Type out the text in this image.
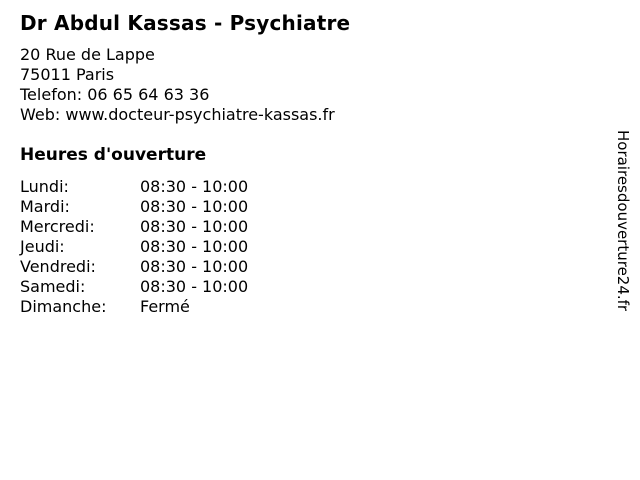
Dr Abdul Kassas - Psychiatre
20 Rue de Lappe
75011 Paris
Telefon: 06 65 64 63 36
Web: www.docteur-psychiatre-kassas.fr
Heures d'ouverture
Lundi:	08:30 - 10:00
Mardi:	08:30 - 10:00
Mercredi:	08:30 - 10:00
Jeudi:	08:30 - 10:00
Vendredi:	08:30 - 10:00
Samedi:	08:30 - 10:00
Dimanche:	Fermé	Horairesdouverture24.fr
